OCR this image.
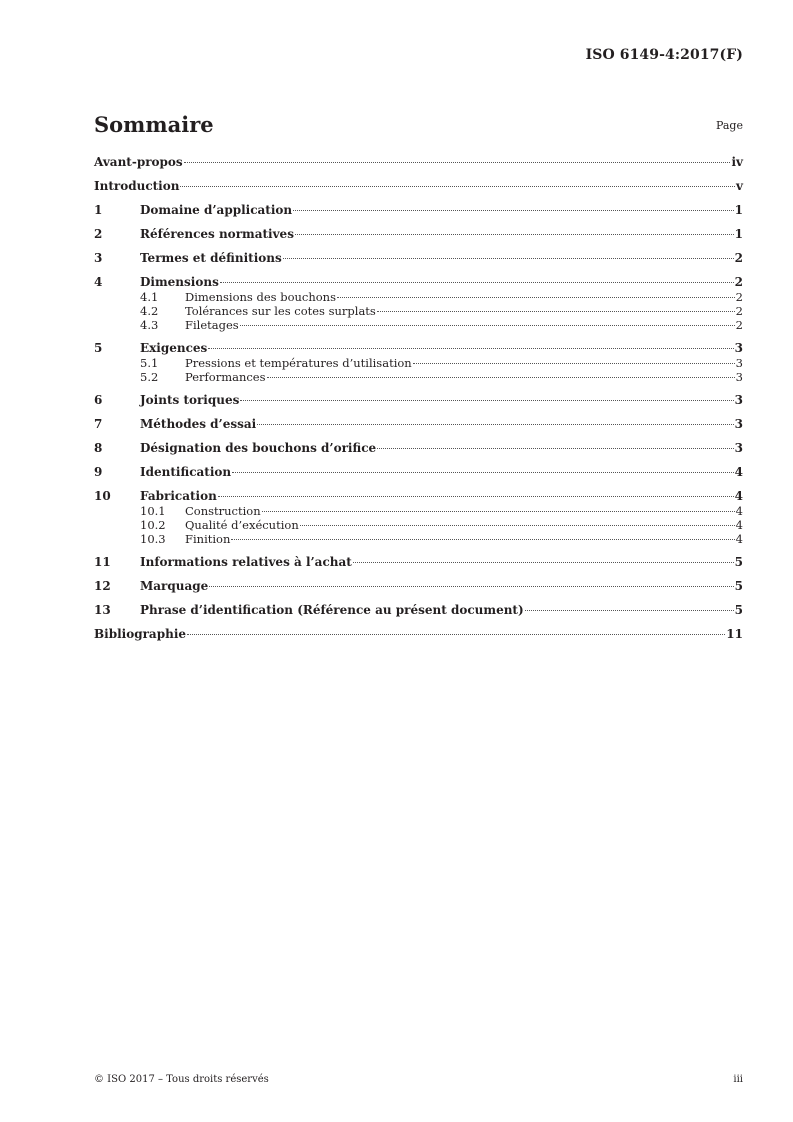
ISO 6149-4:2017(F)
Sommaire	Page
Avant-propos	iv
Introduction	v
1	Domaine d’application	1
2	Références normatives	1
3	Termes et définitions	2
4	Dimensions	2
4.1	Dimensions des bouchons	2
4.2	Tolérances sur les cotes surplats	2
4.3	Filetages	2
5	Exigences	3
5.1	Pressions et températures d’utilisation	3
5.2	Performances	3
6	Joints toriques	3
7	Méthodes d’essai	3
8	Désignation des bouchons d’orifice	3
9	Identification	4
10	Fabrication	4
10.1	Construction	4
10.2	Qualité d’exécution	4
10.3	Finition	4
11	Informations relatives à l’achat	5
12	Marquage	5
13	Phrase d’identification (Référence au présent document)	5
Bibliographie	11
© ISO 2017 – Tous droits réservés	iii
